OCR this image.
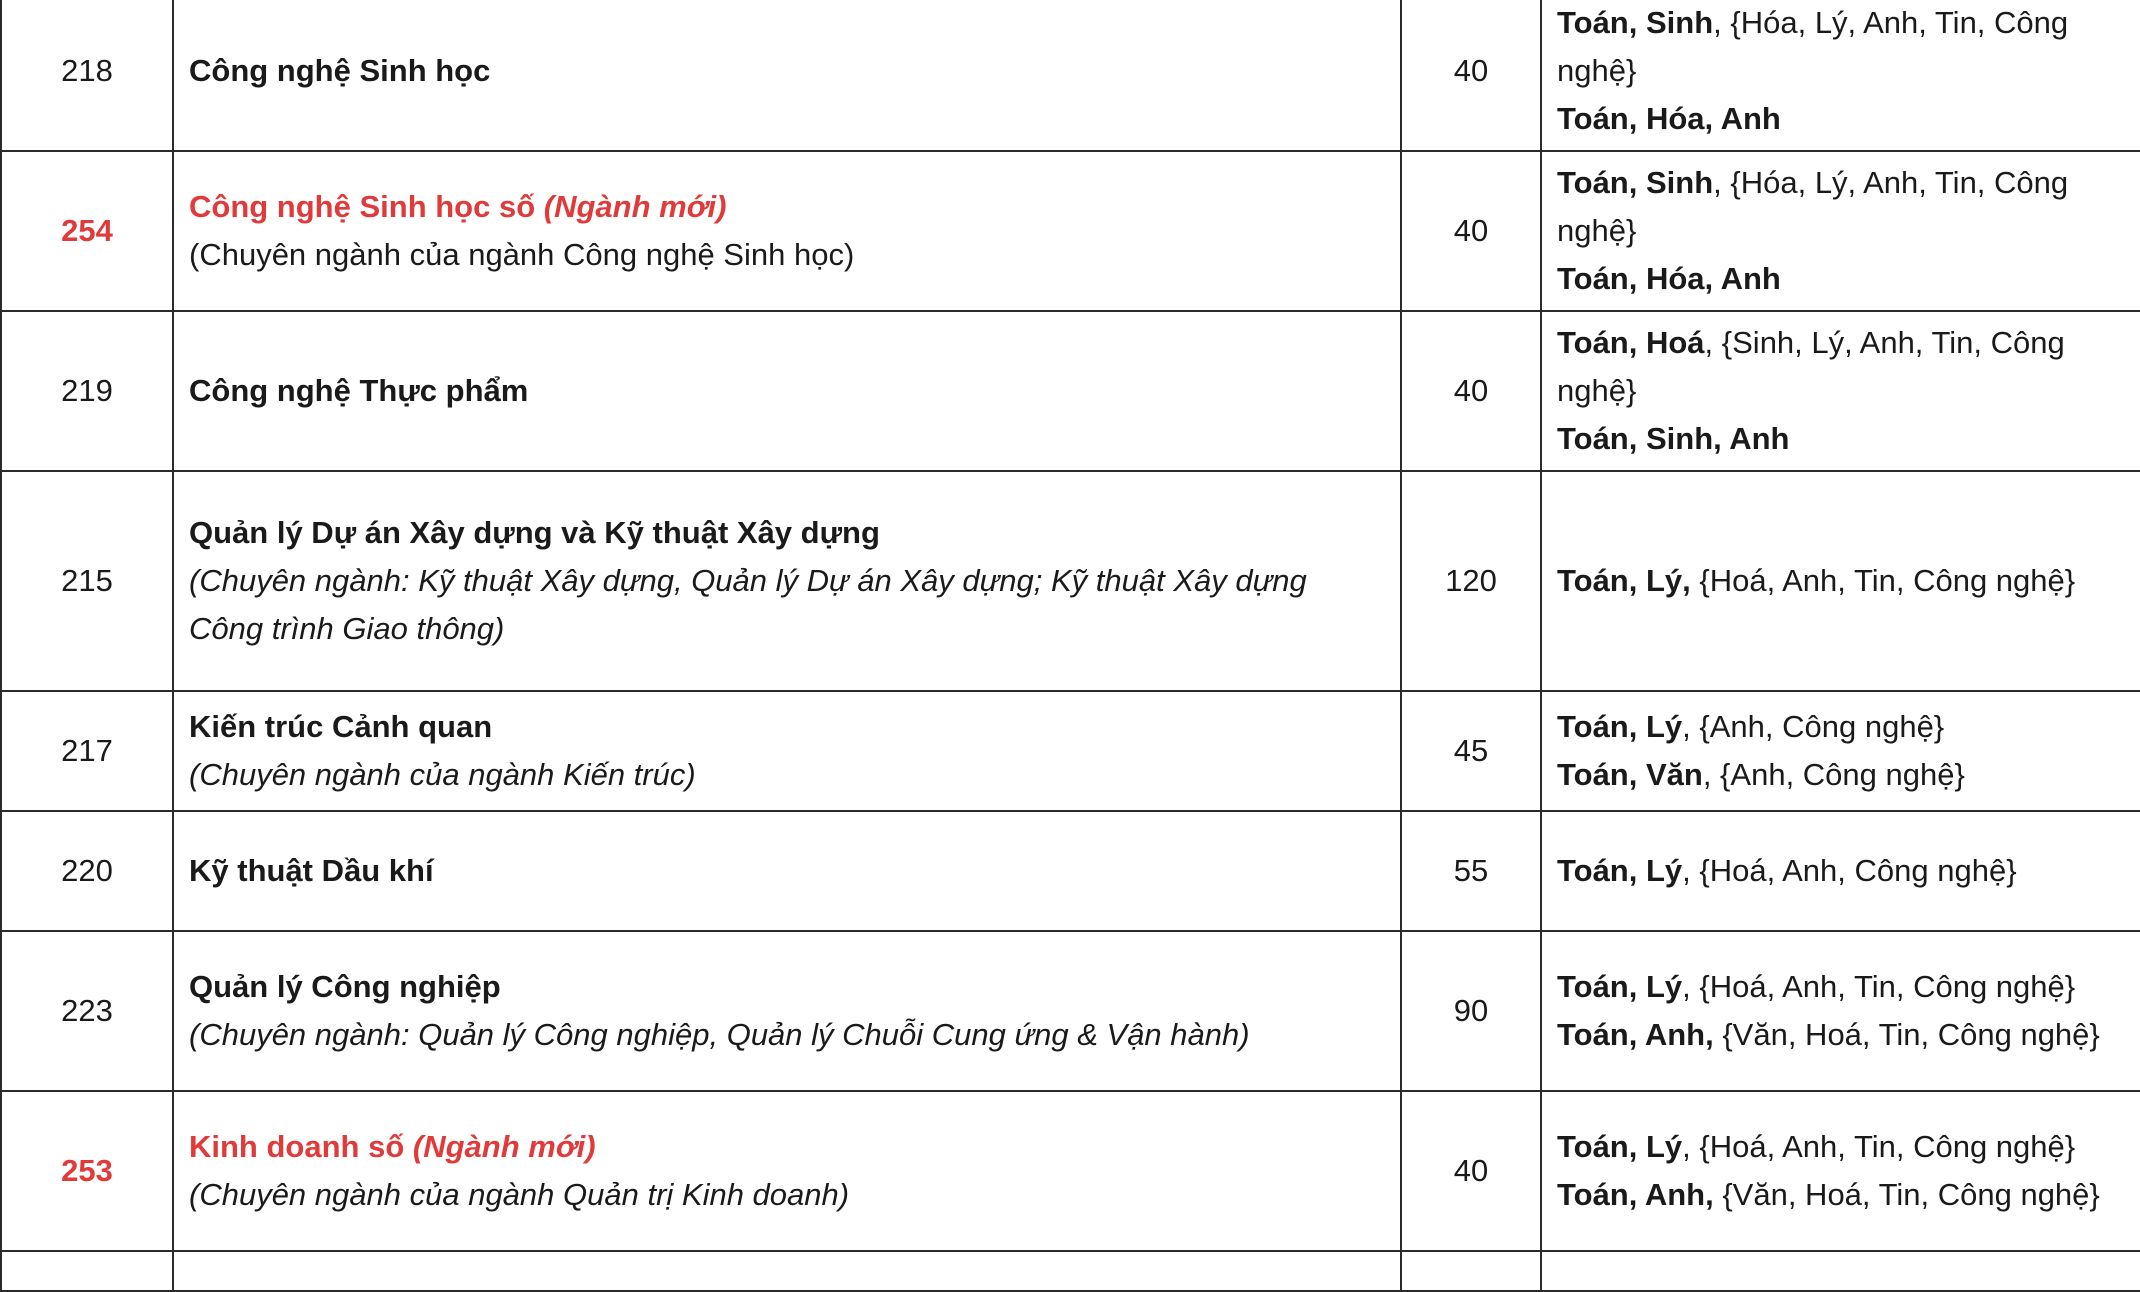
218	Công nghệ Sinh học	40	Toán, Sinh, {Hóa, Lý, Anh, Tin, Công nghệ}
Toán, Hóa, Anh

254	Công nghệ Sinh học số (Ngành mới)
(Chuyên ngành của ngành Công nghệ Sinh học)	40	Toán, Sinh, {Hóa, Lý, Anh, Tin, Công nghệ}
Toán, Hóa, Anh

219	Công nghệ Thực phẩm	40	Toán, Hoá, {Sinh, Lý, Anh, Tin, Công nghệ}
Toán, Sinh, Anh

215	Quản lý Dự án Xây dựng và Kỹ thuật Xây dựng
(Chuyên ngành: Kỹ thuật Xây dựng, Quản lý Dự án Xây dựng; Kỹ thuật Xây dựng Công trình Giao thông)	120	Toán, Lý, {Hoá, Anh, Tin, Công nghệ}

217	Kiến trúc Cảnh quan
(Chuyên ngành của ngành Kiến trúc)	45	Toán, Lý, {Anh, Công nghệ}
Toán, Văn, {Anh, Công nghệ}

220	Kỹ thuật Dầu khí	55	Toán, Lý, {Hoá, Anh, Công nghệ}

223	Quản lý Công nghiệp
(Chuyên ngành: Quản lý Công nghiệp, Quản lý Chuỗi Cung ứng & Vận hành)	90	Toán, Lý, {Hoá, Anh, Tin, Công nghệ}
Toán, Anh, {Văn, Hoá, Tin, Công nghệ}

253	Kinh doanh số (Ngành mới)
(Chuyên ngành của ngành Quản trị Kinh doanh)	40	Toán, Lý, {Hoá, Anh, Tin, Công nghệ}
Toán, Anh, {Văn, Hoá, Tin, Công nghệ}
